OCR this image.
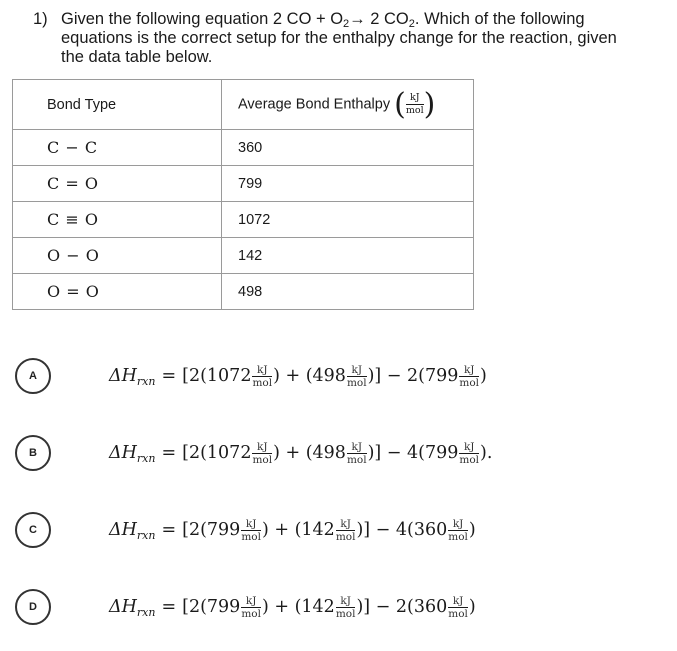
1) Given the following equation 2 CO + $O_2\to 2$ $CO_2$. Which of the following
equations is the correct setup for the enthalpy change for the reaction, given
the data table below.
Bond Type	Average Bond Enthalpy ( $\frac{kJ}{\text{mol}}$ )
C − C	360
C = O	799
C ≡ O	1072
O − O	142
O = O	498
A	ΔH rxn = [$2(1072 \frac{kJ}{\text{mol}}$ ) + ($498 \frac{kJ}{\text{mol}}$ )] − $2(799 \frac{kJ}{\text{mol}}$ )
B	ΔH rxn = [$2(1072 \frac{kJ}{\text{mol}}$ ) + ($498 \frac{kJ}{\text{mol}}$ )] − $4(799 \frac{kJ}{\text{mol}}$ ).
C	ΔH rxn = [$2(799 \frac{kJ}{\text{mol}}$ ) + ($142 \frac{kJ}{\text{mol}}$ )] − $4(360 \frac{kJ}{\text{mol}}$ )
D	ΔH rxn = [$2(799 \frac{kJ}{\text{mol}}$ ) + ($142 \frac{kJ}{\text{mol}}$ )] − $2(360 \frac{kJ}{\text{mol}}$ )
